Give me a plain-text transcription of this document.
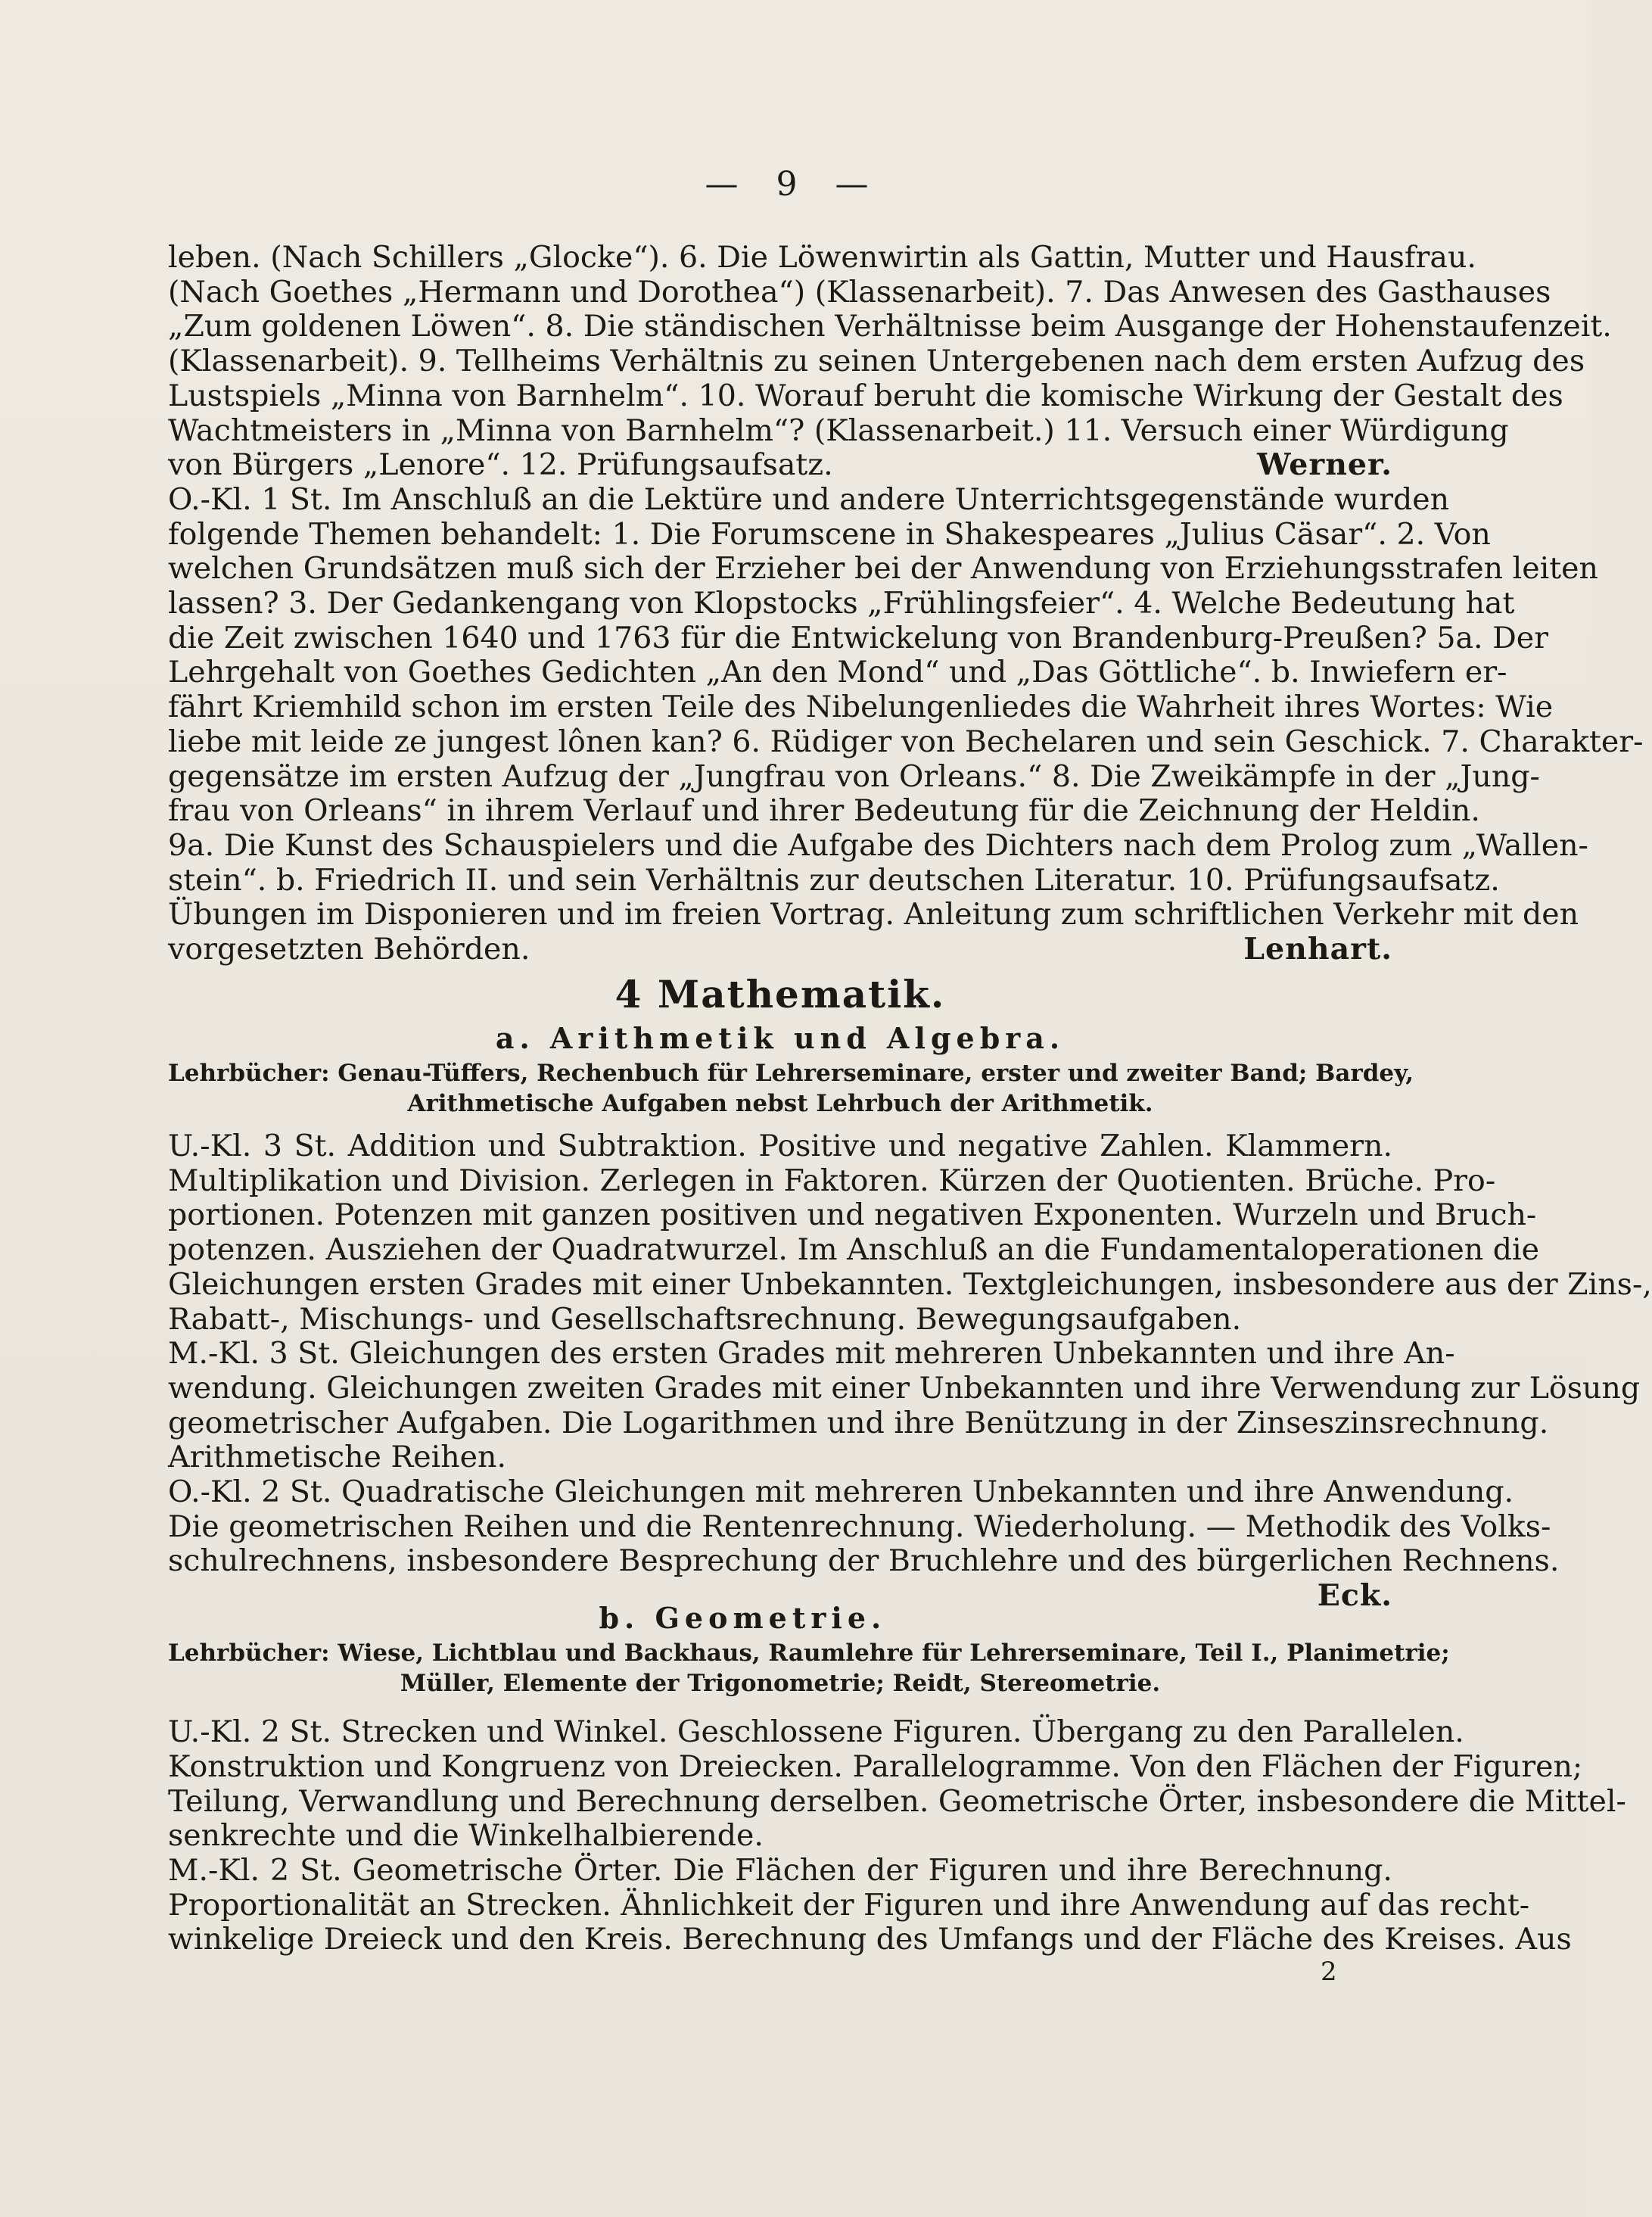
— 9 —

leben. (Nach Schillers „Glocke“). 6. Die Löwenwirtin als Gattin, Mutter und Hausfrau.

(Nach Goethes „Hermann und Dorothea“) (Klassenarbeit). 7. Das Anwesen des Gasthauses

„Zum goldenen Löwen“. 8. Die ständischen Verhältnisse beim Ausgange der Hohenstaufenzeit.

(Klassenarbeit). 9. Tellheims Verhältnis zu seinen Untergebenen nach dem ersten Aufzug des

Lustspiels „Minna von Barnhelm“. 10. Worauf beruht die komische Wirkung der Gestalt des

Wachtmeisters in „Minna von Barnhelm“? (Klassenarbeit.) 11. Versuch einer Würdigung

von Bürgers „Lenore“. 12. Prüfungsaufsatz.	Werner.

O.-Kl. 1 St. Im Anschluß an die Lektüre und andere Unterrichtsgegenstände wurden

folgende Themen behandelt: 1. Die Forumscene in Shakespeares „Julius Cäsar“. 2. Von

welchen Grundsätzen muß sich der Erzieher bei der Anwendung von Erziehungsstrafen leiten

lassen? 3. Der Gedankengang von Klopstocks „Frühlingsfeier“. 4. Welche Bedeutung hat

die Zeit zwischen 1640 und 1763 für die Entwickelung von Brandenburg-Preußen? 5a. Der

Lehrgehalt von Goethes Gedichten „An den Mond“ und „Das Göttliche“. b. Inwiefern er-

fährt Kriemhild schon im ersten Teile des Nibelungenliedes die Wahrheit ihres Wortes: Wie

liebe mit leide ze jungest lônen kan? 6. Rüdiger von Bechelaren und sein Geschick. 7. Charakter-

gegensätze im ersten Aufzug der „Jungfrau von Orleans.“ 8. Die Zweikämpfe in der „Jung-

frau von Orleans“ in ihrem Verlauf und ihrer Bedeutung für die Zeichnung der Heldin.

9a. Die Kunst des Schauspielers und die Aufgabe des Dichters nach dem Prolog zum „Wallen-

stein“. b. Friedrich II. und sein Verhältnis zur deutschen Literatur. 10. Prüfungsaufsatz.

Übungen im Disponieren und im freien Vortrag. Anleitung zum schriftlichen Verkehr mit den

vorgesetzten Behörden.	Lenhart.

4 Mathematik.
a. Arithmetik und Algebra.

Lehrbücher: Genau-Tüffers, Rechenbuch für Lehrerseminare, erster und zweiter Band; Bardey,

Arithmetische Aufgaben nebst Lehrbuch der Arithmetik.

U.-Kl. 3 St. Addition und Subtraktion. Positive und negative Zahlen. Klammern.

Multiplikation und Division. Zerlegen in Faktoren. Kürzen der Quotienten. Brüche. Pro-

portionen. Potenzen mit ganzen positiven und negativen Exponenten. Wurzeln und Bruch-

potenzen. Ausziehen der Quadratwurzel. Im Anschluß an die Fundamentaloperationen die

Gleichungen ersten Grades mit einer Unbekannten. Textgleichungen, insbesondere aus der Zins-,

Rabatt-, Mischungs- und Gesellschaftsrechnung. Bewegungsaufgaben.

M.-Kl. 3 St. Gleichungen des ersten Grades mit mehreren Unbekannten und ihre An-

wendung. Gleichungen zweiten Grades mit einer Unbekannten und ihre Verwendung zur Lösung

geometrischer Aufgaben. Die Logarithmen und ihre Benützung in der Zinseszinsrechnung.

Arithmetische Reihen.

O.-Kl. 2 St. Quadratische Gleichungen mit mehreren Unbekannten und ihre Anwendung.

Die geometrischen Reihen und die Rentenrechnung. Wiederholung. — Methodik des Volks-

schulrechnens, insbesondere Besprechung der Bruchlehre und des bürgerlichen Rechnens.
Eck.

b. Geometrie.

Lehrbücher: Wiese, Lichtblau und Backhaus, Raumlehre für Lehrerseminare, Teil I., Planimetrie;

Müller, Elemente der Trigonometrie; Reidt, Stereometrie.

U.-Kl. 2 St. Strecken und Winkel. Geschlossene Figuren. Übergang zu den Parallelen.

Konstruktion und Kongruenz von Dreiecken. Parallelogramme. Von den Flächen der Figuren;

Teilung, Verwandlung und Berechnung derselben. Geometrische Örter, insbesondere die Mittel-

senkrechte und die Winkelhalbierende.

M.-Kl. 2 St. Geometrische Örter. Die Flächen der Figuren und ihre Berechnung.

Proportionalität an Strecken. Ähnlichkeit der Figuren und ihre Anwendung auf das recht-

winkelige Dreieck und den Kreis. Berechnung des Umfangs und der Fläche des Kreises. Aus

2
